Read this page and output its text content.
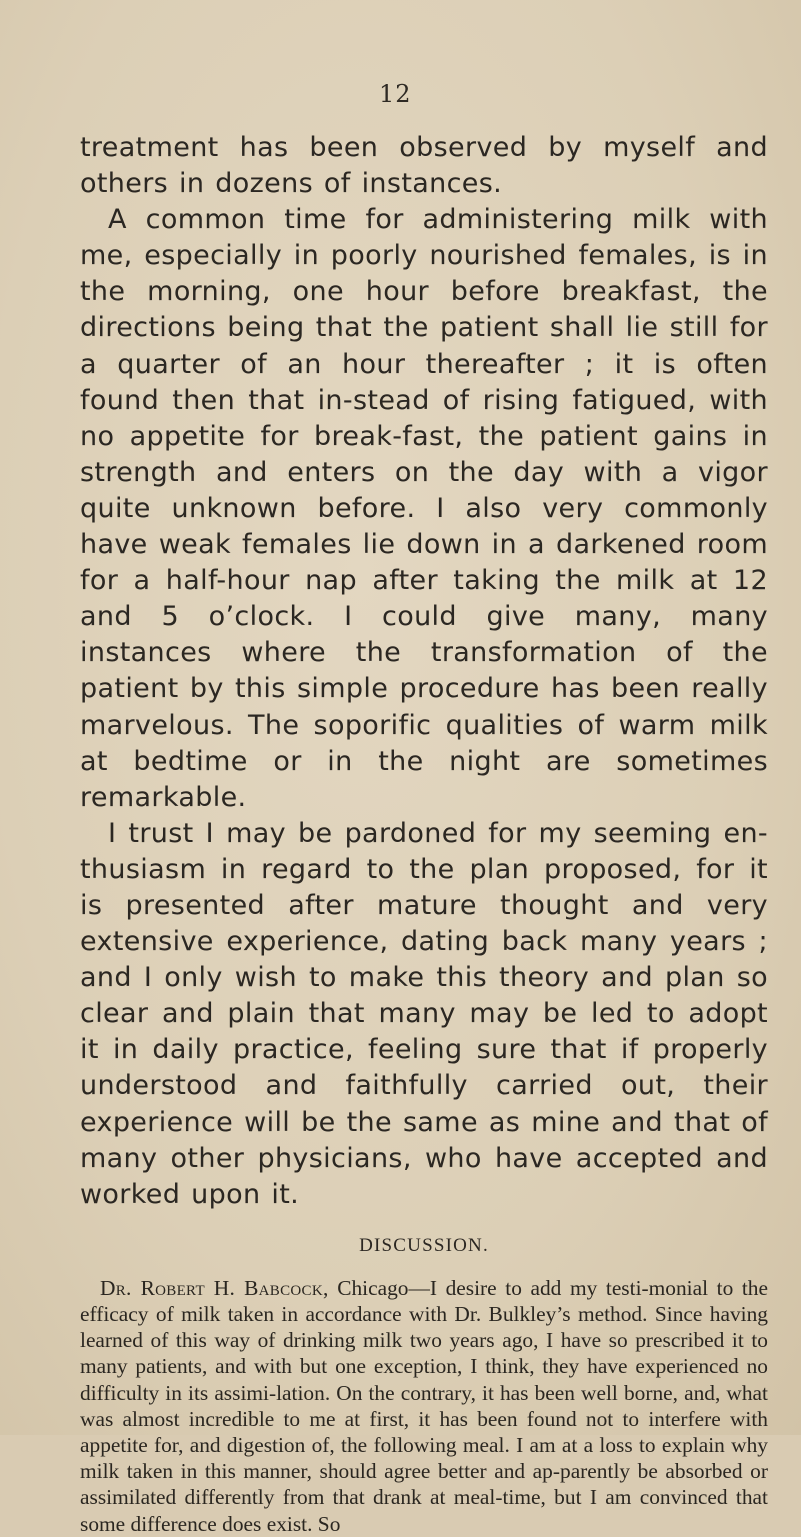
12

treatment has been observed by myself and others in dozens of instances.

A common time for administering milk with me, especially in poorly nourished females, is in the morning, one hour before breakfast, the directions being that the patient shall lie still for a quarter of an hour thereafter ; it is often found then that in-stead of rising fatigued, with no appetite for break-fast, the patient gains in strength and enters on the day with a vigor quite unknown before. I also very commonly have weak females lie down in a darkened room for a half-hour nap after taking the milk at 12 and 5 o’clock. I could give many, many instances where the transformation of the patient by this simple procedure has been really marvelous. The soporific qualities of warm milk at bedtime or in the night are sometimes remarkable.

I trust I may be pardoned for my seeming en-thusiasm in regard to the plan proposed, for it is presented after mature thought and very extensive experience, dating back many years ; and I only wish to make this theory and plan so clear and plain that many may be led to adopt it in daily practice, feeling sure that if properly understood and faithfully carried out, their experience will be the same as mine and that of many other physicians, who have accepted and worked upon it.

DISCUSSION.

Dr. Robert H. Babcock, Chicago—I desire to add my testi-monial to the efficacy of milk taken in accordance with Dr. Bulkley’s method. Since having learned of this way of drinking milk two years ago, I have so prescribed it to many patients, and with but one exception, I think, they have experienced no difficulty in its assimi-lation. On the contrary, it has been well borne, and, what was almost incredible to me at first, it has been found not to interfere with appetite for, and digestion of, the following meal. I am at a loss to explain why milk taken in this manner, should agree better and ap-parently be absorbed or assimilated differently from that drank at meal-time, but I am convinced that some difference does exist. So
